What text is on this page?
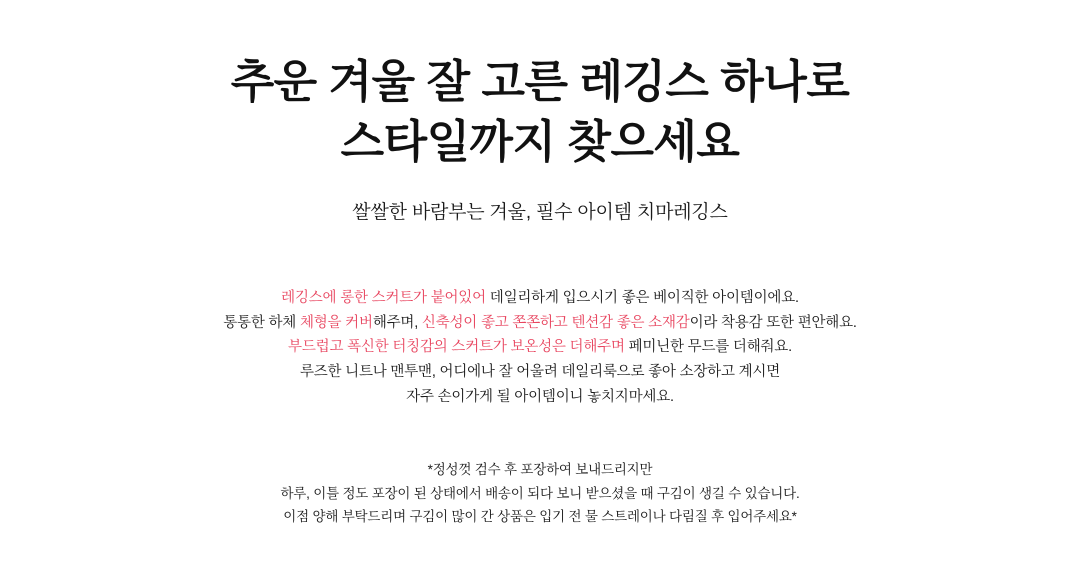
추운 겨울 잘 고른 레깅스 하나로
스타일까지 찾으세요
쌀쌀한 바람부는 겨울, 필수 아이템 치마레깅스
레깅스에 롱한 스커트가 붙어있어 데일리하게 입으시기 좋은 베이직한 아이템이에요.
통통한 하체 체형을 커버해주며, 신축성이 좋고 쫀쫀하고 텐션감 좋은 소재감이라 착용감 또한 편안해요.
부드럽고 폭신한 터칭감의 스커트가 보온성은 더해주며 페미닌한 무드를 더해줘요.
루즈한 니트나 맨투맨, 어디에나 잘 어울려 데일리룩으로 좋아 소장하고 계시면
자주 손이가게 될 아이템이니 놓치지마세요.
*정성껏 검수 후 포장하여 보내드리지만
하루, 이틀 정도 포장이 된 상태에서 배송이 되다 보니 받으셨을 때 구김이 생길 수 있습니다.
이점 양해 부탁드리며 구김이 많이 간 상품은 입기 전 물 스트레이나 다림질 후 입어주세요*
